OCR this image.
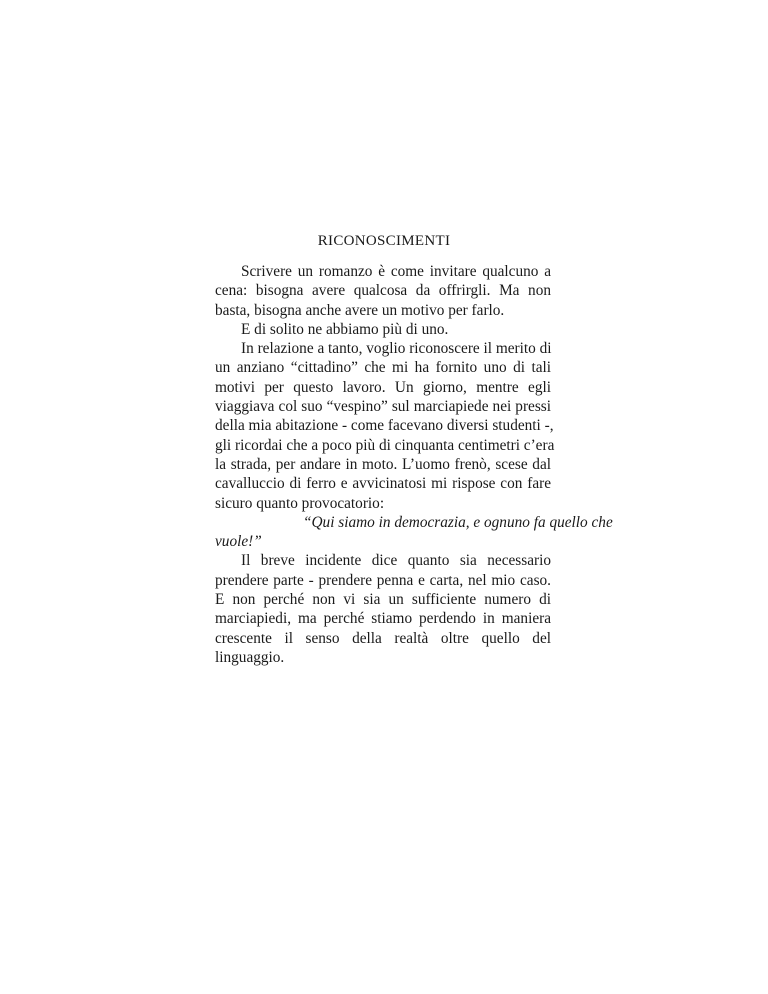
RICONOSCIMENTI
Scrivere un romanzo è come invitare qualcuno a
cena: bisogna avere qualcosa da offrirgli. Ma non
basta, bisogna anche avere un motivo per farlo.
E di solito ne abbiamo più di uno.
In relazione a tanto, voglio riconoscere il merito di
un anziano “cittadino” che mi ha fornito uno di tali
motivi per questo lavoro. Un giorno, mentre egli
viaggiava col suo “vespino” sul marciapiede nei pressi
della mia abitazione - come facevano diversi studenti -,
gli ricordai che a poco più di cinquanta centimetri c’era
la strada, per andare in moto. L’uomo frenò, scese dal
cavalluccio di ferro e avvicinatosi mi rispose con fare
sicuro quanto provocatorio:
“Qui siamo in democrazia, e ognuno fa quello che
vuole!”
Il breve incidente dice quanto sia necessario
prendere parte - prendere penna e carta, nel mio caso.
E non perché non vi sia un sufficiente numero di
marciapiedi, ma perché stiamo perdendo in maniera
crescente il senso della realtà oltre quello del
linguaggio.
